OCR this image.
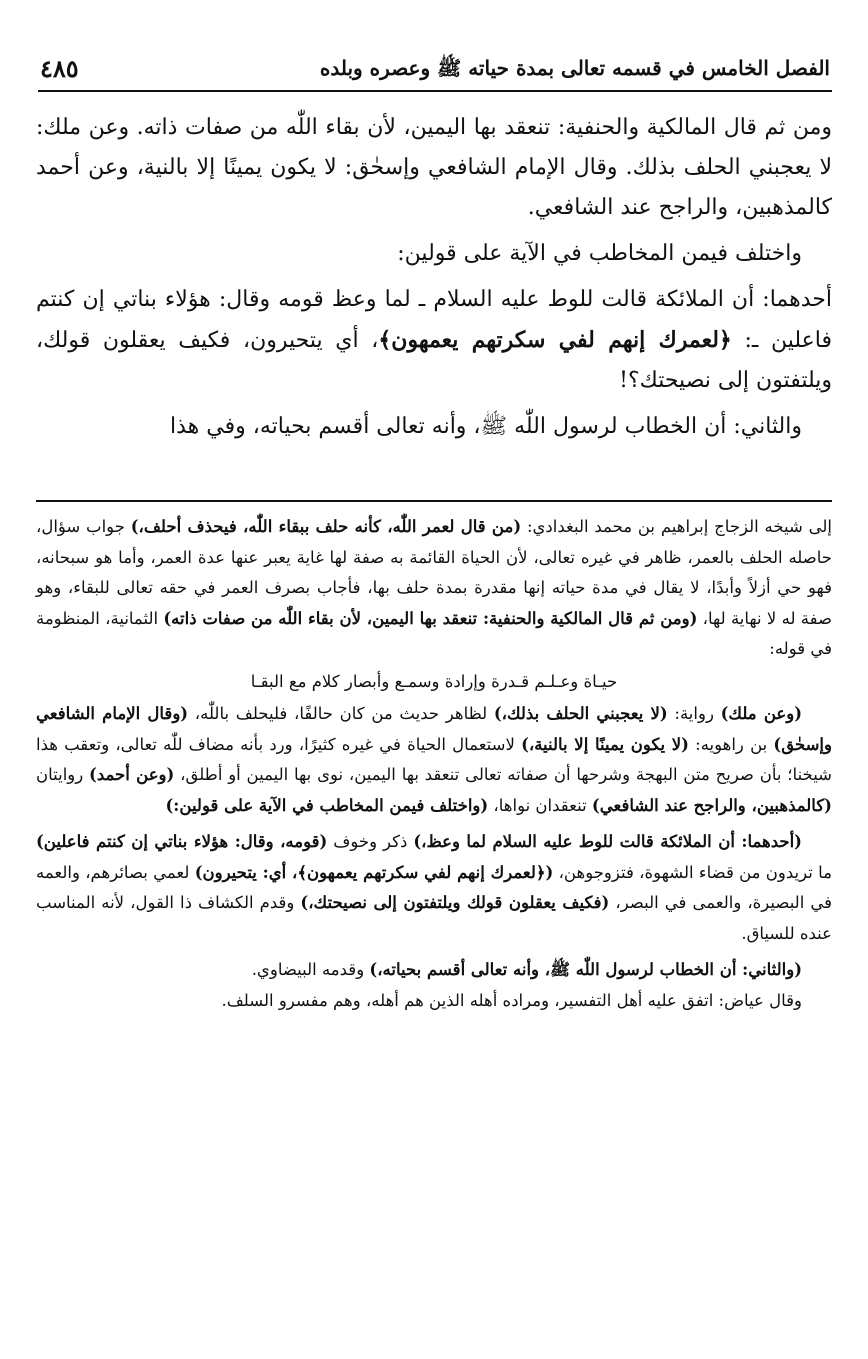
الفصل الخامس في قسمه تعالى بمدة حياته ﷺ وعصره وبلده
٤٨٥

ومن ثم قال المالكية والحنفية: تنعقد بها اليمين، لأن بقاء اللّٰه من صفات ذاته. وعن ملك: لا يعجبني الحلف بذلك. وقال الإمام الشافعي وإسحٰق: لا يكون يمينًا إلا بالنية، وعن أحمد كالمذهبين، والراجح عند الشافعي.

واختلف فيمن المخاطب في الآية على قولين:

أحدهما: أن الملائكة قالت للوط عليه السلام ـ لما وعظ قومه وقال: هؤلاء بناتي إن كنتم فاعلين ـ: ﴿لعمرك إنهم لفي سكرتهم يعمهون﴾، أي يتحيرون، فكيف يعقلون قولك، ويلتفتون إلى نصيحتك؟!

والثاني: أن الخطاب لرسول اللّٰه ﷺ، وأنه تعالى أقسم بحياته، وفي هذا

إلى شيخه الزجاج إبراهيم بن محمد البغدادي: (من قال لعمر اللّٰه، كأنه حلف ببقاء اللّٰه، فيحذف أحلف،) جواب سؤال، حاصله الحلف بالعمر، ظاهر في غيره تعالى، لأن الحياة القائمة به صفة لها غاية يعبر عنها عدة العمر، وأما هو سبحانه، فهو حي أزلاً وأبدًا، لا يقال في مدة حياته إنها مقدرة بمدة حلف بها، فأجاب بصرف العمر في حقه تعالى للبقاء، وهو صفة له لا نهاية لها، (ومن ثم قال المالكية والحنفية: تنعقد بها اليمين، لأن بقاء اللّٰه من صفات ذاته) الثمانية، المنظومة في قوله:

حيـاة وعـلـم قـدرة وإرادة وسمـع وأبصار كلام مع البقـا

(وعن ملك) رواية: (لا يعجبني الحلف بذلك،) لظاهر حديث من كان حالفًا، فليحلف باللّٰه، (وقال الإمام الشافعي وإسحٰق) بن راهويه: (لا يكون يمينًا إلا بالنية،) لاستعمال الحياة في غيره كثيرًا، ورد بأنه مضاف للّٰه تعالى، وتعقب هذا شيخنا؛ بأن صريح متن البهجة وشرحها أن صفاته تعالى تنعقد بها اليمين، نوى بها اليمين أو أطلق، (وعن أحمد) روايتان (كالمذهبين، والراجح عند الشافعي) تنعقدان نواها، (واختلف فيمن المخاطب في الآية على قولين:)

(أحدهما: أن الملائكة قالت للوط عليه السلام لما وعظ،) ذكر وخوف (قومه، وقال: هؤلاء بناتي إن كنتم فاعلين) ما تريدون من قضاء الشهوة، فتزوجوهن، (﴿لعمرك إنهم لفي سكرتهم يعمهون﴾، أي: يتحيرون) لعمي بصائرهم، والعمه في البصيرة، والعمى في البصر، (فكيف يعقلون قولك ويلتفتون إلى نصيحتك،) وقدم الكشاف ذا القول، لأنه المناسب عنده للسياق.

(والثاني: أن الخطاب لرسول اللّٰه ﷺ، وأنه تعالى أقسم بحياته،) وقدمه البيضاوي.

وقال عياض: اتفق عليه أهل التفسير، ومراده أهله الذين هم أهله، وهم مفسرو السلف.
